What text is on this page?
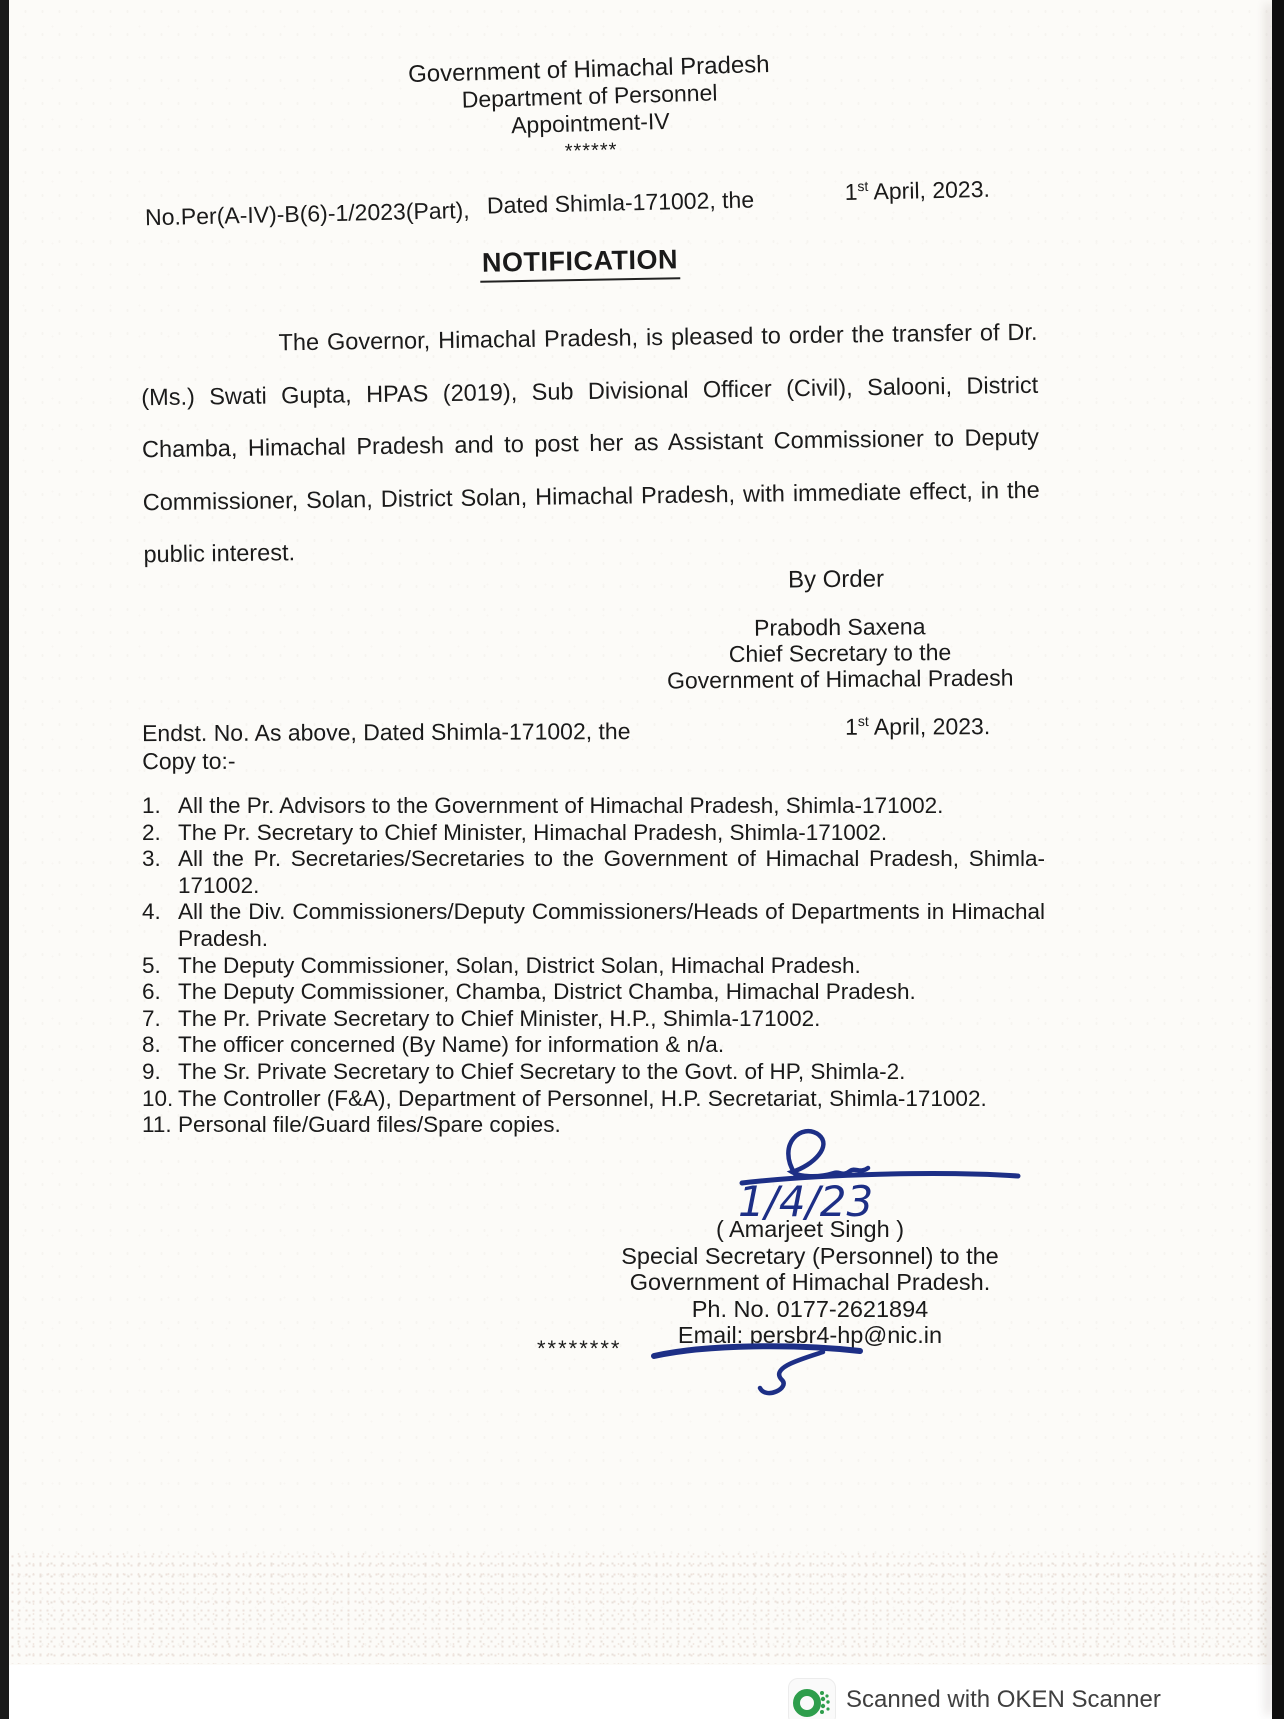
Government of Himachal Pradesh
Department of Personnel
Appointment-IV
******
No.Per(A-IV)-B(6)-1/2023(Part), Dated Shimla-171002, the	1st April, 2023.
NOTIFICATION
The Governor, Himachal Pradesh, is pleased to order the transfer of Dr. (Ms.) Swati Gupta, HPAS (2019), Sub Divisional Officer (Civil), Salooni, District Chamba, Himachal Pradesh and to post her as Assistant Commissioner to Deputy Commissioner, Solan, District Solan, Himachal Pradesh, with immediate effect, in the public interest.
By Order
Prabodh Saxena
Chief Secretary to the
Government of Himachal Pradesh
Endst. No. As above, Dated Shimla-171002, the	1st April, 2023.
Copy to:-
1. All the Pr. Advisors to the Government of Himachal Pradesh, Shimla-171002.
2. The Pr. Secretary to Chief Minister, Himachal Pradesh, Shimla-171002.
3. All the Pr. Secretaries/Secretaries to the Government of Himachal Pradesh, Shimla-171002.
4. All the Div. Commissioners/Deputy Commissioners/Heads of Departments in Himachal Pradesh.
5. The Deputy Commissioner, Solan, District Solan, Himachal Pradesh.
6. The Deputy Commissioner, Chamba, District Chamba, Himachal Pradesh.
7. The Pr. Private Secretary to Chief Minister, H.P., Shimla-171002.
8. The officer concerned (By Name) for information & n/a.
9. The Sr. Private Secretary to Chief Secretary to the Govt. of HP, Shimla-2.
10. The Controller (F&A), Department of Personnel, H.P. Secretariat, Shimla-171002.
11. Personal file/Guard files/Spare copies.
1/4/23
( Amarjeet Singh )
Special Secretary (Personnel) to the
Government of Himachal Pradesh.
Ph. No. 0177-2621894
Email: persbr4-hp@nic.in
********
Scanned with OKEN Scanner
